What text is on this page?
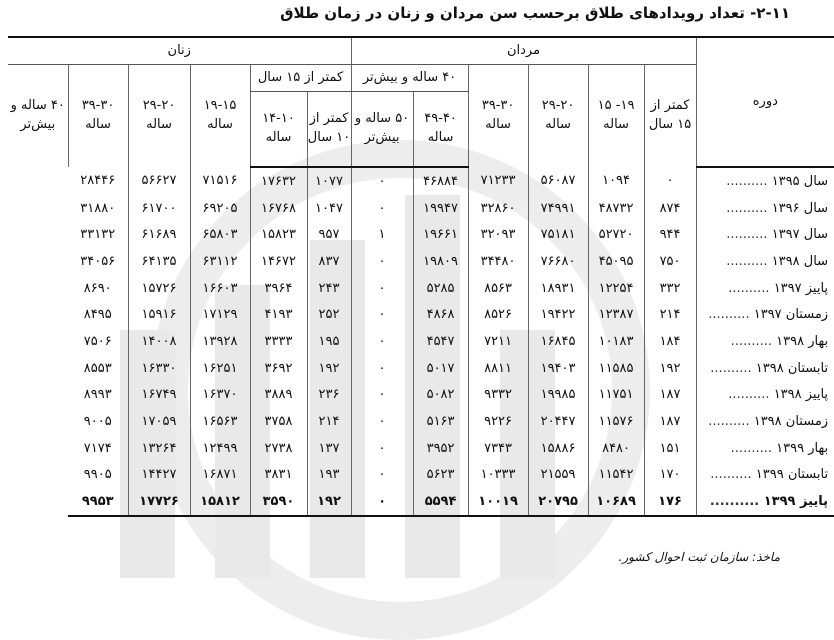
۲-۱۱- تعداد رویدادهای طلاق برحسب سن مردان و زنان در زمان طلاق
دوره	مردان						زنان					
	کمتر از ۱۵ سال	۱۹- ۱۵ ساله	۲۹-۲۰ ساله	۳۹-۳۰ ساله	۴۰ ساله و بیش‌تر		کمتر از ۱۵ سال		۱۹-۱۵ ساله	۲۹-۲۰ ساله	۳۹-۳۰ ساله	۴۰ ساله و بیش‌تر
					۴۹-۴۰ ساله	۵۰ ساله و بیش‌تر	کمتر از ۱۰ سال	۱۴-۱۰ ساله				
سال ۱۳۹۵ ..........	۰	۱۰۹۴	۵۶۰۸۷	۷۱۲۳۳	۴۶۸۸۴	۰	۱۰۷۷	۱۷۶۳۲	۷۱۵۱۶	۵۶۶۲۷	۲۸۴۴۶	
سال ۱۳۹۶ ..........	۸۷۴	۴۸۷۳۲	۷۴۹۹۱	۳۲۸۶۰	۱۹۹۴۷	۰	۱۰۴۷	۱۶۷۶۸	۶۹۲۰۵	۶۱۷۰۰	۳۱۸۸۰	
سال ۱۳۹۷ ..........	۹۴۴	۵۲۷۲۰	۷۵۱۸۱	۳۲۰۹۳	۱۹۶۶۱	۱	۹۵۷	۱۵۸۲۳	۶۵۸۰۳	۶۱۶۸۹	۳۳۱۳۲	
سال ۱۳۹۸ ..........	۷۵۰	۴۵۰۹۵	۷۶۶۸۰	۳۴۴۸۰	۱۹۸۰۹	۰	۸۳۷	۱۴۶۷۲	۶۳۱۱۲	۶۴۱۳۵	۳۴۰۵۶	
پاییز ۱۳۹۷ ..........	۳۳۲	۱۲۲۵۴	۱۸۹۳۱	۸۵۶۳	۵۲۸۵	۰	۲۴۳	۳۹۶۴	۱۶۶۰۳	۱۵۷۲۶	۸۶۹۰	
زمستان ۱۳۹۷ ..........	۲۱۴	۱۲۳۸۷	۱۹۴۲۲	۸۵۲۶	۴۸۶۸	۰	۲۵۲	۴۱۹۳	۱۷۱۲۹	۱۵۹۱۶	۸۴۹۵	
بهار ۱۳۹۸ ..........	۱۸۴	۱۰۱۸۳	۱۶۸۴۵	۷۲۱۱	۴۵۴۷	۰	۱۹۵	۳۳۳۳	۱۳۹۲۸	۱۴۰۰۸	۷۵۰۶	
تابستان ۱۳۹۸ ..........	۱۹۲	۱۱۵۸۵	۱۹۴۰۳	۸۸۱۱	۵۰۱۷	۰	۱۹۲	۳۶۹۲	۱۶۲۵۱	۱۶۳۳۰	۸۵۵۳	
پاییز ۱۳۹۸ ..........	۱۸۷	۱۱۷۵۱	۱۹۹۸۵	۹۳۳۲	۵۰۸۲	۰	۲۳۶	۳۸۸۹	۱۶۳۷۰	۱۶۷۴۹	۸۹۹۳	
زمستان ۱۳۹۸ ..........	۱۸۷	۱۱۵۷۶	۲۰۴۴۷	۹۲۲۶	۵۱۶۳	۰	۲۱۴	۳۷۵۸	۱۶۵۶۳	۱۷۰۵۹	۹۰۰۵	
بهار ۱۳۹۹ ..........	۱۵۱	۸۴۸۰	۱۵۸۸۶	۷۳۴۳	۳۹۵۲	۰	۱۳۷	۲۷۳۸	۱۲۴۹۹	۱۳۲۶۴	۷۱۷۴	
تابستان ۱۳۹۹ ..........	۱۷۰	۱۱۵۴۲	۲۱۵۵۹	۱۰۳۳۳	۵۶۲۳	۰	۱۹۳	۳۸۳۱	۱۶۸۷۱	۱۴۴۲۷	۹۹۰۵	
پاییز ۱۳۹۹ ..........	۱۷۶	۱۰۶۸۹	۲۰۷۹۵	۱۰۰۱۹	۵۵۹۴	۰	۱۹۲	۳۵۹۰	۱۵۸۱۲	۱۷۷۲۶	۹۹۵۳	
ماخذ: سازمان ثبت احوال کشور.
